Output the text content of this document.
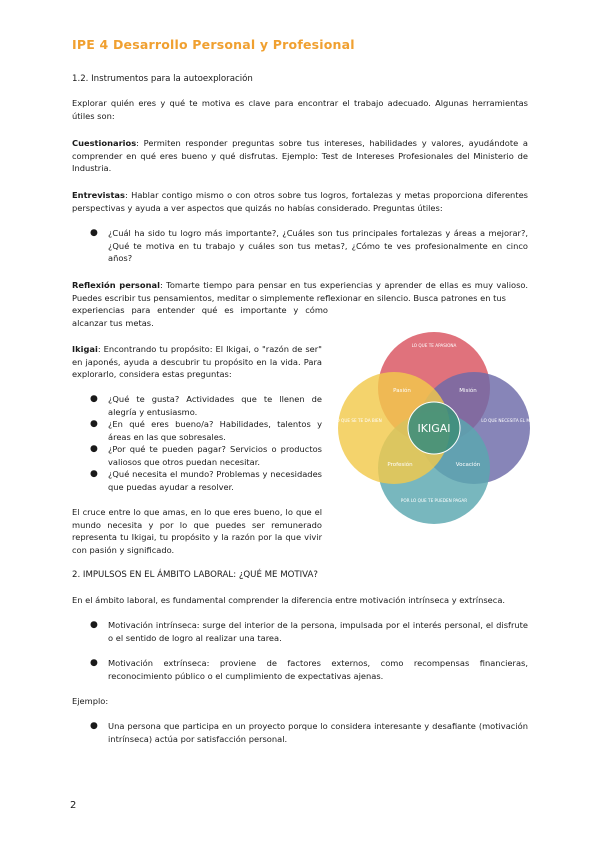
IPE 4 Desarrollo Personal y Profesional
1.2. Instrumentos para la autoexploración
Explorar quién eres y qué te motiva es clave para encontrar el trabajo adecuado. Algunas herramientas útiles son:
Cuestionarios: Permiten responder preguntas sobre tus intereses, habilidades y valores, ayudándote a comprender en qué eres bueno y qué disfrutas. Ejemplo: Test de Intereses Profesionales del Ministerio de Industria.
Entrevistas: Hablar contigo mismo o con otros sobre tus logros, fortalezas y metas proporciona diferentes perspectivas y ayuda a ver aspectos que quizás no habías considerado. Preguntas útiles:
● ¿Cuál ha sido tu logro más importante?, ¿Cuáles son tus principales fortalezas y áreas a mejorar?, ¿Qué te motiva en tu trabajo y cuáles son tus metas?, ¿Cómo te ves profesionalmente en cinco años?
Reflexión personal: Tomarte tiempo para pensar en tus experiencias y aprender de ellas es muy valioso. Puedes escribir tus pensamientos, meditar o simplemente reflexionar en silencio. Busca patrones en tus
experiencias para entender qué es importante y cómo alcanzar tus metas.
Ikigai: Encontrando tu propósito: El Ikigai, o "razón de ser" en japonés, ayuda a descubrir tu propósito en la vida. Para explorarlo, considera estas preguntas:
● ¿Qué te gusta? Actividades que te llenen de alegría y entusiasmo.
● ¿En qué eres bueno/a? Habilidades, talentos y áreas en las que sobresales.
● ¿Por qué te pueden pagar? Servicios o productos valiosos que otros puedan necesitar.
● ¿Qué necesita el mundo? Problemas y necesidades que puedas ayudar a resolver.
El cruce entre lo que amas, en lo que eres bueno, lo que el mundo necesita y por lo que puedes ser remunerado representa tu Ikigai, tu propósito y la razón por la que vivir con pasión y significado.
IKIGAI
LO QUE TE APASIONA
LO QUE NECESITA EL MUNDO
POR LO QUE TE PUEDEN PAGAR
LO QUE SE TE DA BIEN
Pasión	Misión
Profesión	Vocación
2. IMPULSOS EN EL ÁMBITO LABORAL: ¿QUÉ ME MOTIVA?
En el ámbito laboral, es fundamental comprender la diferencia entre motivación intrínseca y extrínseca.
● Motivación intrínseca: surge del interior de la persona, impulsada por el interés personal, el disfrute o el sentido de logro al realizar una tarea.
● Motivación extrínseca: proviene de factores externos, como recompensas financieras, reconocimiento público o el cumplimiento de expectativas ajenas.
Ejemplo:
● Una persona que participa en un proyecto porque lo considera interesante y desafiante (motivación intrínseca) actúa por satisfacción personal.
2
